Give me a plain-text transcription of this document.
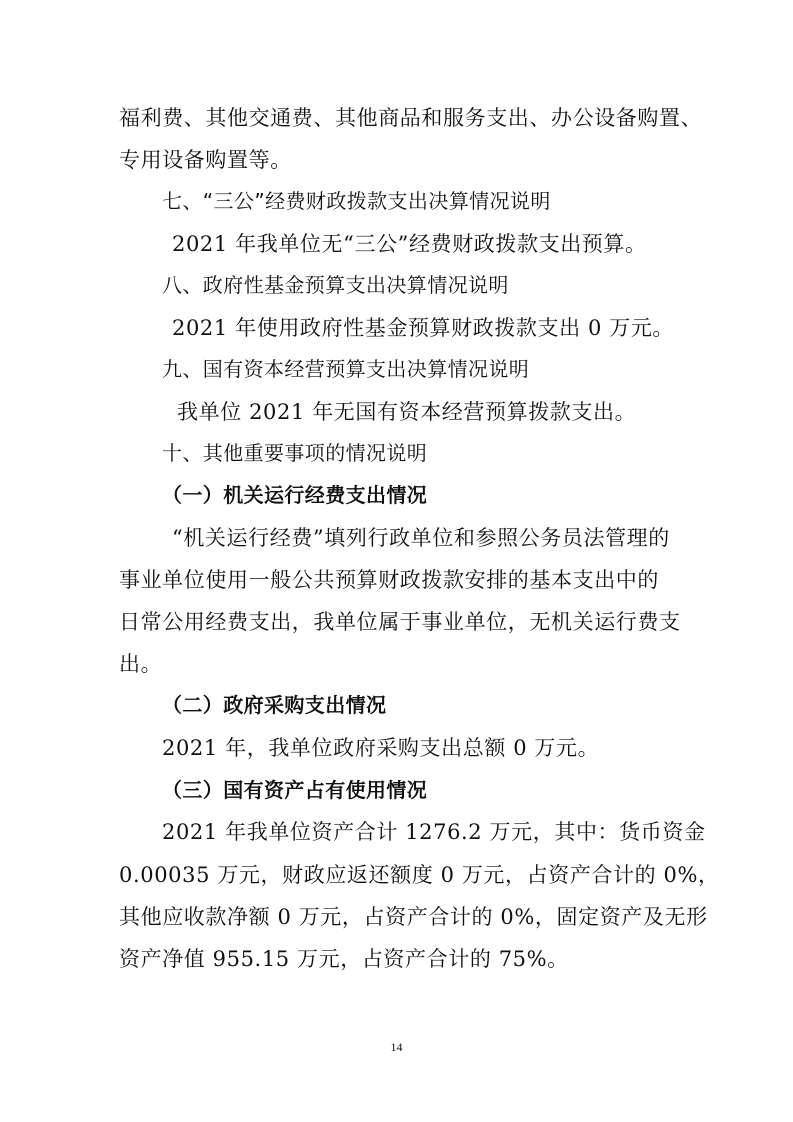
福利费、其他交通费、其他商品和服务支出、办公设备购置、
专用设备购置等。
七、“三公”经费财政拨款支出决算情况说明
2021 年我单位无“三公”经费财政拨款支出预算。
八、政府性基金预算支出决算情况说明
2021 年使用政府性基金预算财政拨款支出 0 万元。
九、国有资本经营预算支出决算情况说明
我单位 2021 年无国有资本经营预算拨款支出。
十、其他重要事项的情况说明
（一）机关运行经费支出情况
“机关运行经费”填列行政单位和参照公务员法管理的
事业单位使用一般公共预算财政拨款安排的基本支出中的
日常公用经费支出，我单位属于事业单位，无机关运行费支
出。
（二）政府采购支出情况
2021 年，我单位政府采购支出总额 0 万元。
（三）国有资产占有使用情况
2021 年我单位资产合计 1276.2 万元，其中：货币资金
0.00035 万元，财政应返还额度 0 万元，占资产合计的 0%，
其他应收款净额 0 万元，占资产合计的 0%，固定资产及无形
资产净值 955.15 万元，占资产合计的 75%。
14
